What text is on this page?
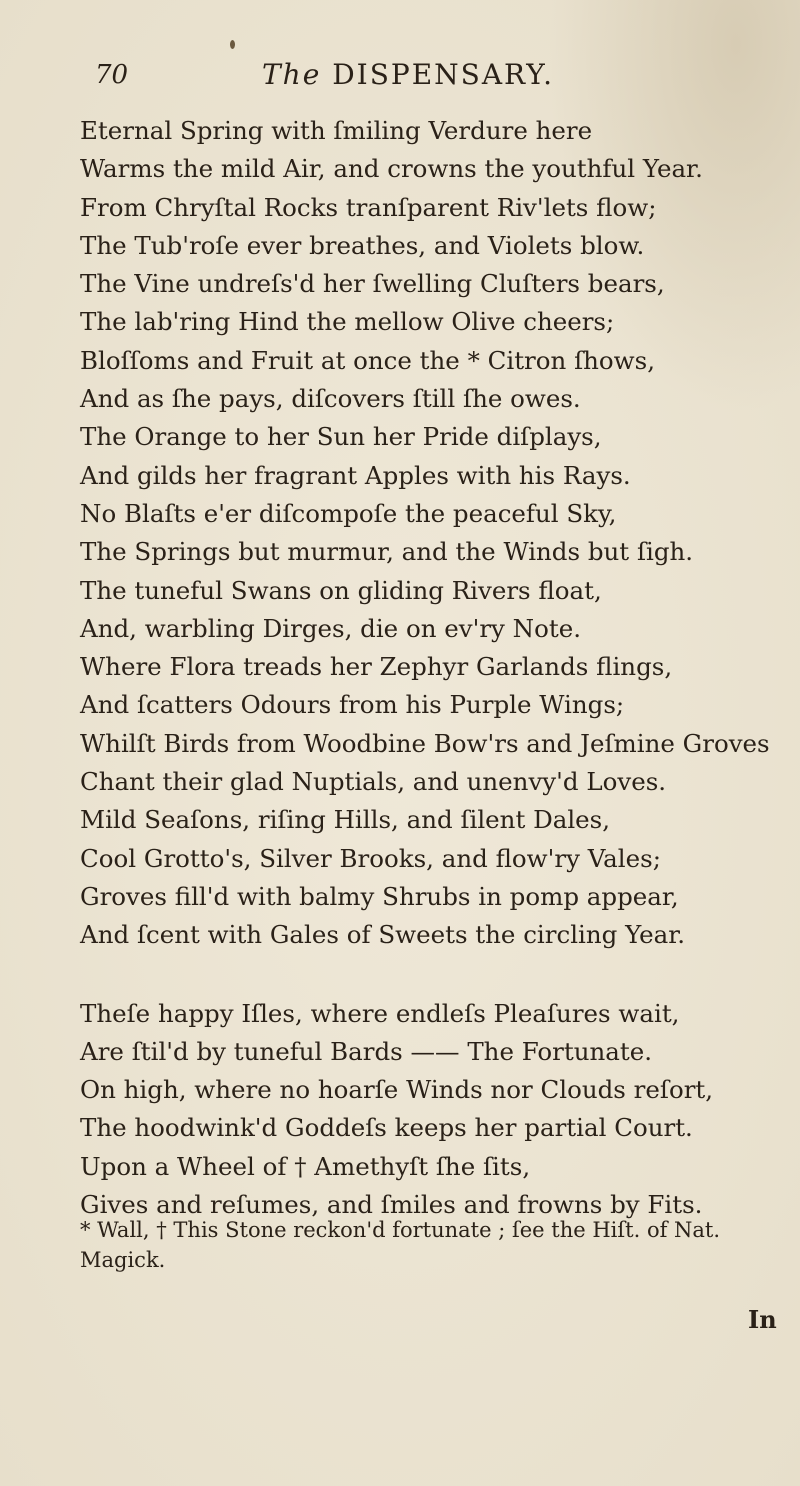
70	The DISPENSARY.
Eternal Spring with ſmiling Verdure here
Warms the mild Air, and crowns the youthful Year.
From Chryſtal Rocks tranſparent Riv'lets flow;
The Tub'roſe ever breathes, and Violets blow.
The Vine undreſs'd her ſwelling Cluſters bears,
The lab'ring Hind the mellow Olive cheers;
Bloſſoms and Fruit at once the * Citron ſhows,
And as ſhe pays, diſcovers ſtill ſhe owes.
The Orange to her Sun her Pride diſplays,
And gilds her fragrant Apples with his Rays.
No Blaſts e'er diſcompoſe the peaceful Sky,
The Springs but murmur, and the Winds but ſigh.
The tuneful Swans on gliding Rivers float,
And, warbling Dirges, die on ev'ry Note.
Where Flora treads her Zephyr Garlands flings,
And ſcatters Odours from his Purple Wings;
Whilſt Birds from Woodbine Bow'rs and Jeſmine Groves
Chant their glad Nuptials, and unenvy'd Loves.
Mild Seaſons, riſing Hills, and ſilent Dales,
Cool Grotto's, Silver Brooks, and flow'ry Vales;
Groves fill'd with balmy Shrubs in pomp appear,
And ſcent with Gales of Sweets the circling Year.
Theſe happy Iſles, where endleſs Pleaſures wait,
Are ſtil'd by tuneful Bards —— The Fortunate.
On high, where no hoarſe Winds nor Clouds reſort,
The hoodwink'd Goddeſs keeps her partial Court.
Upon a Wheel of † Amethyſt ſhe ſits,
Gives and reſumes, and ſmiles and frowns by Fits.
* Wall, † This Stone reckon'd fortunate ; ſee the Hiſt. of Nat. Magick.
In
